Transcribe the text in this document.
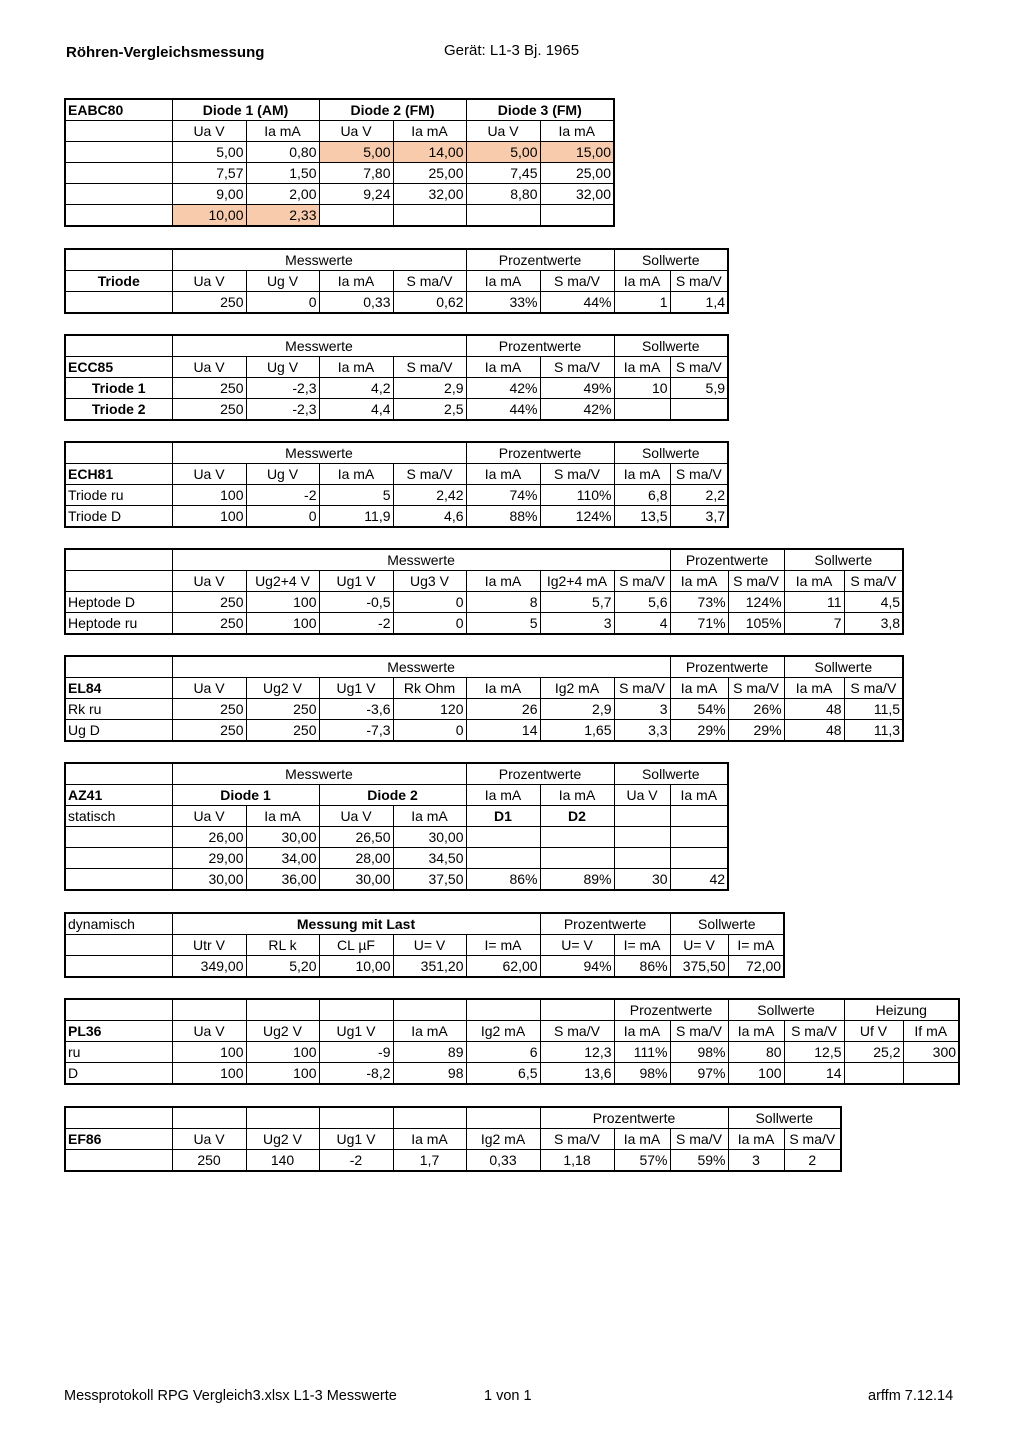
Röhren-Vergleichsmessung	Gerät: L1-3 Bj. 1965
EABC80	Diode 1 (AM)		Diode 2 (FM)		Diode 3 (FM)	
	Ua V	Ia mA	Ua V	Ia mA	Ua V	Ia mA
	5,00	0,80	5,00	14,00	5,00	15,00
	7,57	1,50	7,80	25,00	7,45	25,00
	9,00	2,00	9,24	32,00	8,80	32,00
	10,00	2,33				
	Messwerte				Prozentwerte		Sollwerte	
Triode	Ua V	Ug V	Ia mA	S ma/V	Ia mA	S ma/V	Ia mA	S ma/V
	250	0	0,33	0,62	33%	44%	1	1,4
	Messwerte				Prozentwerte		Sollwerte	
ECC85	Ua V	Ug V	Ia mA	S ma/V	Ia mA	S ma/V	Ia mA	S ma/V
Triode 1	250	-2,3	4,2	2,9	42%	49%	10	5,9
Triode 2	250	-2,3	4,4	2,5	44%	42%		
	Messwerte				Prozentwerte		Sollwerte	
ECH81	Ua V	Ug V	Ia mA	S ma/V	Ia mA	S ma/V	Ia mA	S ma/V
Triode ru	100	-2	5	2,42	74%	110%	6,8	2,2
Triode D	100	0	11,9	4,6	88%	124%	13,5	3,7
	Messwerte							Prozentwerte		Sollwerte	
	Ua V	Ug2+4 V	Ug1 V	Ug3 V	Ia mA	Ig2+4 mA	S ma/V	Ia mA	S ma/V	Ia mA	S ma/V
Heptode D	250	100	-0,5	0	8	5,7	5,6	73%	124%	11	4,5
Heptode ru	250	100	-2	0	5	3	4	71%	105%	7	3,8
	Messwerte							Prozentwerte		Sollwerte	
EL84	Ua V	Ug2 V	Ug1 V	Rk Ohm	Ia mA	Ig2 mA	S ma/V	Ia mA	S ma/V	Ia mA	S ma/V
Rk ru	250	250	-3,6	120	26	2,9	3	54%	26%	48	11,5
Ug D	250	250	-7,3	0	14	1,65	3,3	29%	29%	48	11,3
	Messwerte				Prozentwerte		Sollwerte	
AZ41	Diode 1		Diode 2		Ia mA	Ia mA	Ua V	Ia mA
statisch	Ua V	Ia mA	Ua V	Ia mA	D1	D2		
	26,00	30,00	26,50	30,00				
	29,00	34,00	28,00	34,50				
	30,00	36,00	30,00	37,50	86%	89%	30	42
dynamisch	Messung mit Last					Prozentwerte		Sollwerte	
	Utr V	RL k	CL µF	U= V	I= mA	U= V	I= mA	U= V	I= mA
	349,00	5,20	10,00	351,20	62,00	94%	86%	375,50	72,00
							Prozentwerte		Sollwerte		Heizung	
PL36	Ua V	Ug2 V	Ug1 V	Ia mA	Ig2 mA	S ma/V	Ia mA	S ma/V	Ia mA	S ma/V	Uf V	If mA
ru	100	100	-9	89	6	12,3	111%	98%	80	12,5	25,2	300
D	100	100	-8,2	98	6,5	13,6	98%	97%	100	14		
						Prozentwerte			Sollwerte	
EF86	Ua V	Ug2 V	Ug1 V	Ia mA	Ig2 mA	S ma/V	Ia mA	S ma/V	Ia mA	S ma/V
	250	140	-2	1,7	0,33	1,18	57%	59%	3	2
Messprotokoll RPG Vergleich3.xlsx L1-3 Messwerte	1 von 1	arffm 7.12.14
